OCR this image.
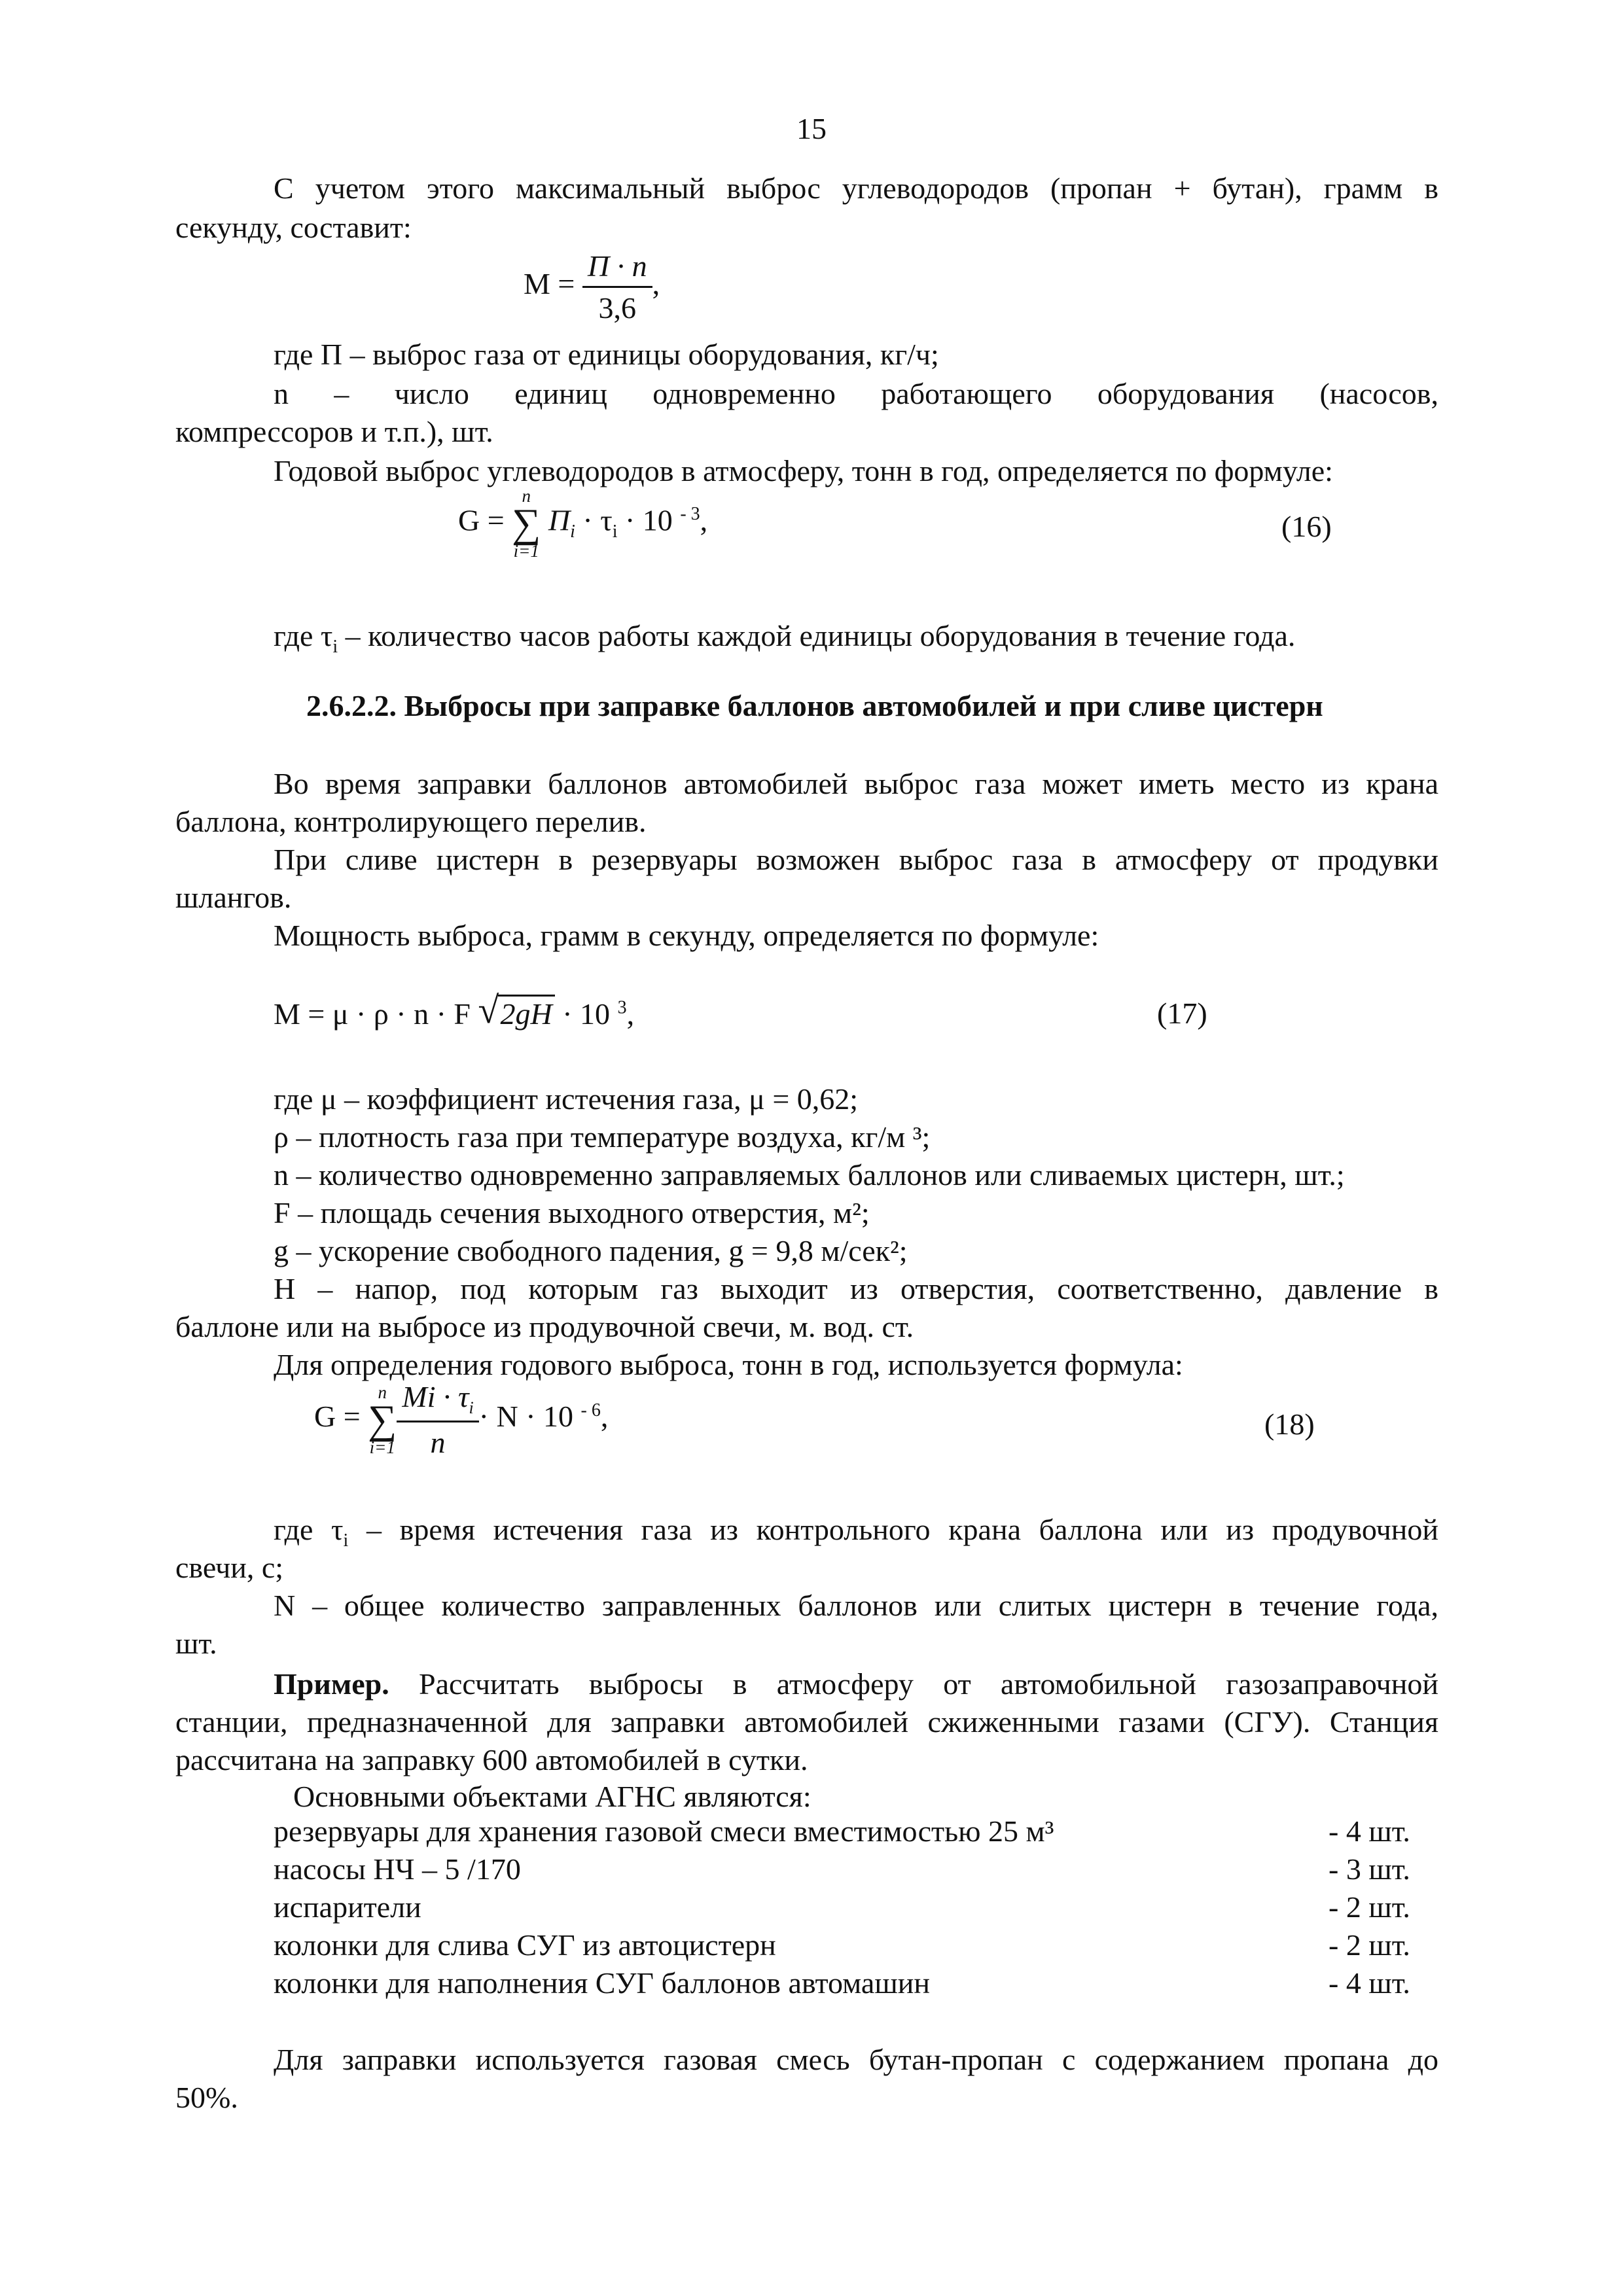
15
С учетом этого максимальный выброс углеводородов (пропан + бутан), грамм в
секунду, составит:
$М = \frac{П \cdot n}{3,6}$ ,
где П – выброс газа от единицы оборудования, кг/ч;
n – число единиц одновременно работающего оборудования (насосов,
компрессоров и т.п.), шт.
Годовой выброс углеводородов в атмосферу, тонн в год, определяется по формуле:
G =
n
∑
i=1
$П_i \cdot \tau_i \cdot 10$ $^{- 3}$,	(16)
где $\tau_i$ – количество часов работы каждой единицы оборудования в течение года.
2.6.2.2. Выбросы при заправке баллонов автомобилей и при сливе цистерн
Во время заправки баллонов автомобилей выброс газа может иметь место из крана
баллона, контролирующего перелив.
При сливе цистерн в резервуары возможен выброс газа в атмосферу от продувки
шлангов.
Мощность выброса, грамм в секунду, определяется по формуле:
М = μ · ρ · n · F √ 2gH · 10 $^3$,	(17)
где μ – коэффициент истечения газа, μ = 0,62;
ρ – плотность газа при температуре воздуха, кг/м ³;
n – количество одновременно заправляемых баллонов или сливаемых цистерн, шт.;
F – площадь сечения выходного отверстия, м²;
g – ускорение свободного падения, g = 9,8 м/сек²;
Н – напор, под которым газ выходит из отверстия, соответственно, давление в
баллоне или на выбросе из продувочной свечи, м. вод. ст.
Для определения годового выброса, тонн в год, используется формула:
G =
n
∑
$i=1 \frac{Mi \cdot \tau_i}{n} \cdot N \cdot 10$ $^{- 6}$,	(18)
где $\tau_i$ – время истечения газа из контрольного крана баллона или из продувочной
свечи, с;
N – общее количество заправленных баллонов или слитых цистерн в течение года,
шт.
Пример. Рассчитать выбросы в атмосферу от автомобильной газозаправочной
станции, предназначенной для заправки автомобилей сжиженными газами (СГУ). Станция
рассчитана на заправку 600 автомобилей в сутки.
Основными объектами АГНС являются:
резервуары для хранения газовой смеси вместимостью 25 м³	- 4 шт.
насосы НЧ – 5 /170	- 3 шт.
испарители	- 2 шт.
колонки для слива СУГ из автоцистерн	- 2 шт.
колонки для наполнения СУГ баллонов автомашин	- 4 шт.
Для заправки используется газовая смесь бутан-пропан с содержанием пропана до
50%.
